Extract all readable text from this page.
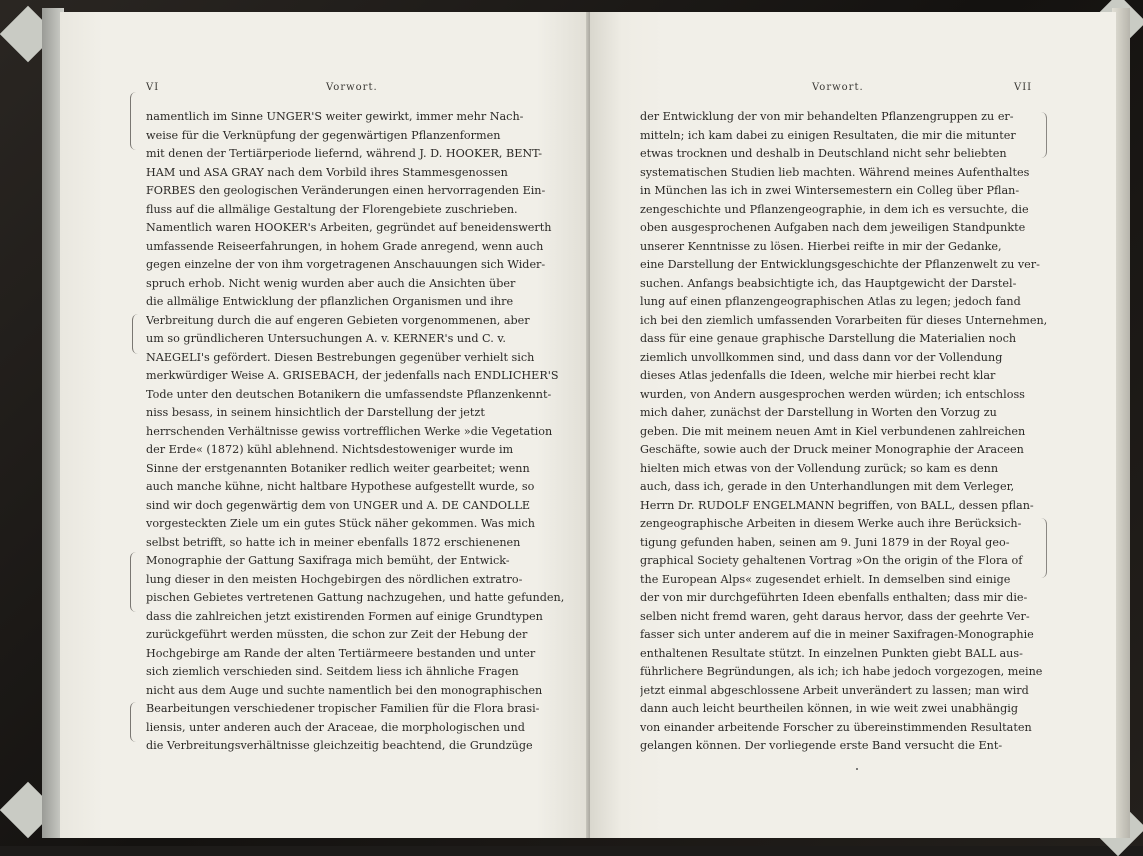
VI	Vorwort.
namentlich im Sinne UNGER'S weiter gewirkt, immer mehr Nach-
weise für die Verknüpfung der gegenwärtigen Pflanzenformen
mit denen der Tertiärperiode liefernd, während J. D. HOOKER, BENT-
HAM und ASA GRAY nach dem Vorbild ihres Stammesgenossen
FORBES den geologischen Veränderungen einen hervorragenden Ein-
fluss auf die allmälige Gestaltung der Florengebiete zuschrieben.
Namentlich waren HOOKER's Arbeiten, gegründet auf beneidenswerth
umfassende Reiseerfahrungen, in hohem Grade anregend, wenn auch
gegen einzelne der von ihm vorgetragenen Anschauungen sich Wider-
spruch erhob. Nicht wenig wurden aber auch die Ansichten über
die allmälige Entwicklung der pflanzlichen Organismen und ihre
Verbreitung durch die auf engeren Gebieten vorgenommenen, aber
um so gründlicheren Untersuchungen A. v. KERNER's und C. v.
NAEGELI's gefördert. Diesen Bestrebungen gegenüber verhielt sich
merkwürdiger Weise A. GRISEBACH, der jedenfalls nach ENDLICHER'S
Tode unter den deutschen Botanikern die umfassendste Pflanzenkennt-
niss besass, in seinem hinsichtlich der Darstellung der jetzt
herrschenden Verhältnisse gewiss vortrefflichen Werke »die Vegetation
der Erde« (1872) kühl ablehnend. Nichtsdestoweniger wurde im
Sinne der erstgenannten Botaniker redlich weiter gearbeitet; wenn
auch manche kühne, nicht haltbare Hypothese aufgestellt wurde, so
sind wir doch gegenwärtig dem von UNGER und A. DE CANDOLLE
vorgesteckten Ziele um ein gutes Stück näher gekommen. Was mich
selbst betrifft, so hatte ich in meiner ebenfalls 1872 erschienenen
Monographie der Gattung Saxifraga mich bemüht, der Entwick-
lung dieser in den meisten Hochgebirgen des nördlichen extratro-
pischen Gebietes vertretenen Gattung nachzugehen, und hatte gefunden,
dass die zahlreichen jetzt existirenden Formen auf einige Grundtypen
zurückgeführt werden müssten, die schon zur Zeit der Hebung der
Hochgebirge am Rande der alten Tertiärmeere bestanden und unter
sich ziemlich verschieden sind. Seitdem liess ich ähnliche Fragen
nicht aus dem Auge und suchte namentlich bei den monographischen
Bearbeitungen verschiedener tropischer Familien für die Flora brasi-
liensis, unter anderen auch der Araceae, die morphologischen und
die Verbreitungsverhältnisse gleichzeitig beachtend, die Grundzüge
Vorwort.	VII
der Entwicklung der von mir behandelten Pflanzengruppen zu er-
mitteln; ich kam dabei zu einigen Resultaten, die mir die mitunter
etwas trocknen und deshalb in Deutschland nicht sehr beliebten
systematischen Studien lieb machten. Während meines Aufenthaltes
in München las ich in zwei Wintersemestern ein Colleg über Pflan-
zengeschichte und Pflanzengeographie, in dem ich es versuchte, die
oben ausgesprochenen Aufgaben nach dem jeweiligen Standpunkte
unserer Kenntnisse zu lösen. Hierbei reifte in mir der Gedanke,
eine Darstellung der Entwicklungsgeschichte der Pflanzenwelt zu ver-
suchen. Anfangs beabsichtigte ich, das Hauptgewicht der Darstel-
lung auf einen pflanzengeographischen Atlas zu legen; jedoch fand
ich bei den ziemlich umfassenden Vorarbeiten für dieses Unternehmen,
dass für eine genaue graphische Darstellung die Materialien noch
ziemlich unvollkommen sind, und dass dann vor der Vollendung
dieses Atlas jedenfalls die Ideen, welche mir hierbei recht klar
wurden, von Andern ausgesprochen werden würden; ich entschloss
mich daher, zunächst der Darstellung in Worten den Vorzug zu
geben. Die mit meinem neuen Amt in Kiel verbundenen zahlreichen
Geschäfte, sowie auch der Druck meiner Monographie der Araceen
hielten mich etwas von der Vollendung zurück; so kam es denn
auch, dass ich, gerade in den Unterhandlungen mit dem Verleger,
Herrn Dr. RUDOLF ENGELMANN begriffen, von BALL, dessen pflan-
zengeographische Arbeiten in diesem Werke auch ihre Berücksich-
tigung gefunden haben, seinen am 9. Juni 1879 in der Royal geo-
graphical Society gehaltenen Vortrag »On the origin of the Flora of
the European Alps« zugesendet erhielt. In demselben sind einige
der von mir durchgeführten Ideen ebenfalls enthalten; dass mir die-
selben nicht fremd waren, geht daraus hervor, dass der geehrte Ver-
fasser sich unter anderem auf die in meiner Saxifragen-Monographie
enthaltenen Resultate stützt. In einzelnen Punkten giebt BALL aus-
führlichere Begründungen, als ich; ich habe jedoch vorgezogen, meine
jetzt einmal abgeschlossene Arbeit unverändert zu lassen; man wird
dann auch leicht beurtheilen können, in wie weit zwei unabhängig
von einander arbeitende Forscher zu übereinstimmenden Resultaten
gelangen können. Der vorliegende erste Band versucht die Ent-
